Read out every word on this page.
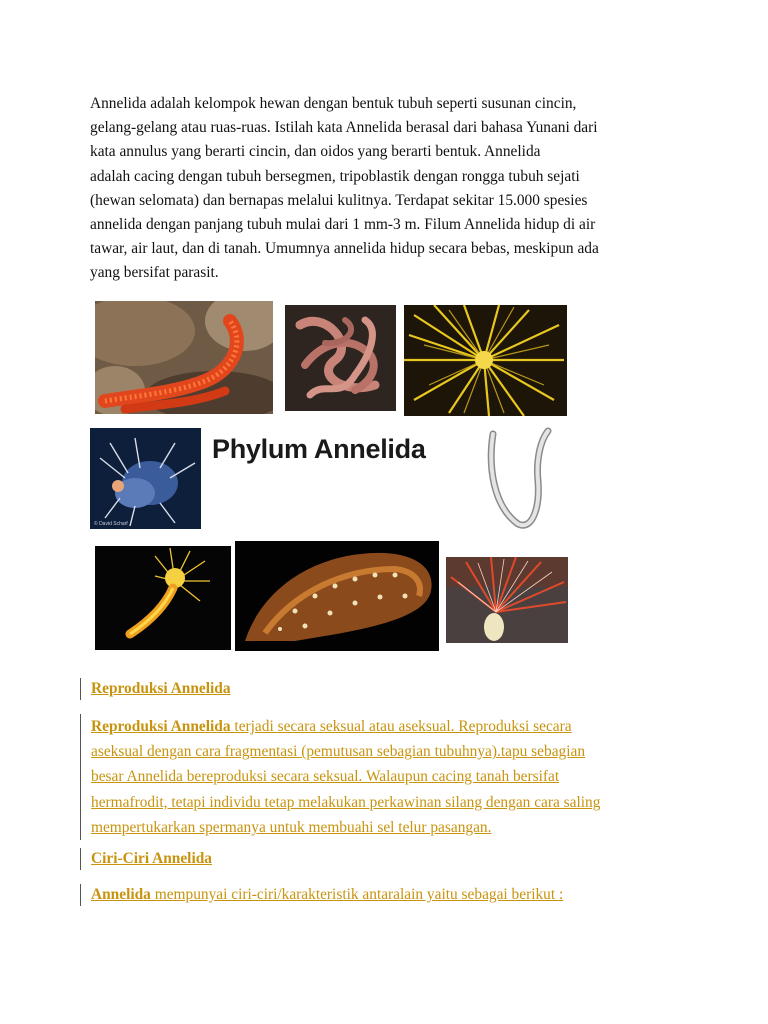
Annelida adalah kelompok hewan dengan bentuk tubuh seperti susunan cincin,
gelang-gelang atau ruas-ruas. Istilah kata Annelida berasal dari bahasa Yunani dari
kata annulus yang berarti cincin, dan oidos yang berarti bentuk. Annelida
adalah cacing dengan tubuh bersegmen, tripoblastik dengan rongga tubuh sejati
(hewan selomata) dan bernapas melalui kulitnya. Terdapat sekitar 15.000 spesies
annelida dengan panjang tubuh mulai dari 1 mm-3 m. Filum Annelida hidup di air
tawar, air laut, dan di tanah. Umumnya annelida hidup secara bebas, meskipun ada
yang bersifat parasit.
© David Scharf
Phylum Annelida
Reproduksi Annelida
Reproduksi Annelida terjadi secara seksual atau aseksual. Reproduksi secara
aseksual dengan cara fragmentasi (pemutusan sebagian tubuhnya).tapu sebagian
besar Annelida bereproduksi secara seksual. Walaupun cacing tanah bersifat
hermafrodit, tetapi individu tetap melakukan perkawinan silang dengan cara saling
mempertukarkan spermanya untuk membuahi sel telur pasangan.
Ciri-Ciri Annelida
Annelida mempunyai ciri-ciri/karakteristik antaralain yaitu sebagai berikut :
